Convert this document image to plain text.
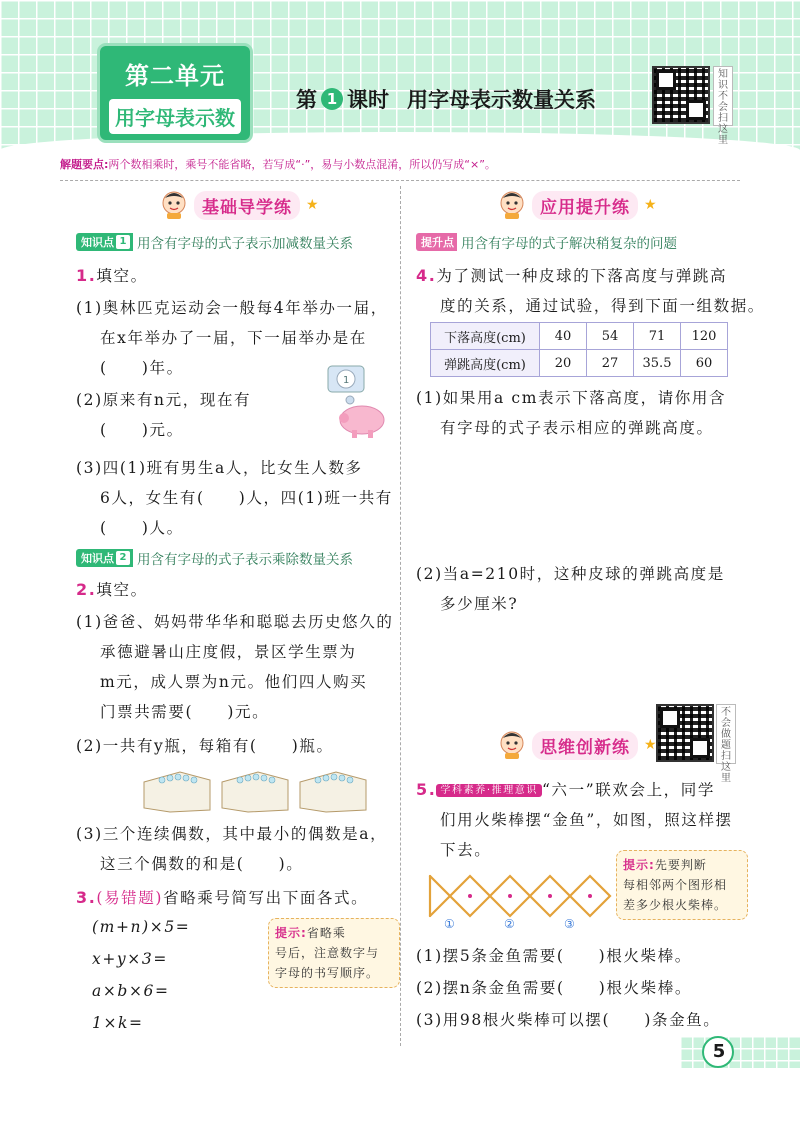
第二单元
用字母表示数
第 1 课时 用字母表示数量关系
知识不会扫这里
解题要点:两个数相乘时，乘号不能省略，若写成“·”，易与小数点混淆，所以仍写成“×”。
基础导学练	★
知识点 1 用含有字母的式子表示加减数量关系
1.填空。
(1)奥林匹克运动会一般每4年举办一届，
在x年举办了一届，下一届举办是在
(　　)年。
(2)原来有n元，现在有
(　　)元。
1
(3)四(1)班有男生a人，比女生人数多
6人，女生有(　　)人，四(1)班一共有
(　　)人。
知识点 2 用含有字母的式子表示乘除数量关系
2.填空。
(1)爸爸、妈妈带华华和聪聪去历史悠久的
承德避暑山庄度假，景区学生票为
m元，成人票为n元。他们四人购买
门票共需要(　　)元。
(2)一共有y瓶，每箱有(　　)瓶。
(3)三个连续偶数，其中最小的偶数是a，
这三个偶数的和是(　　)。
3.(易错题)省略乘号简写出下面各式。
(m+n)×5=
x+y×3=
a×b×6=
1×k=
提示:省略乘
号后，注意数字与
字母的书写顺序。
应用提升练	★
提升点 用含有字母的式子解决稍复杂的问题
4.为了测试一种皮球的下落高度与弹跳高
度的关系，通过试验，得到下面一组数据。
下落高度(cm)	40	54	71	120
弹跳高度(cm)	20	27	35.5	60
(1)如果用a cm表示下落高度，请你用含
有字母的式子表示相应的弹跳高度。
(2)当a=210时，这种皮球的弹跳高度是
多少厘米?
不会做题扫这里
思维创新练	★
5. 学科素养·推理意识 “六一”联欢会上，同学
们用火柴棒摆“金鱼”，如图，照这样摆
下去。
①	②	③
提示:先要判断
每相邻两个图形相
差多少根火柴棒。
(1)摆5条金鱼需要(　　)根火柴棒。
(2)摆n条金鱼需要(　　)根火柴棒。
(3)用98根火柴棒可以摆(　　)条金鱼。
5
